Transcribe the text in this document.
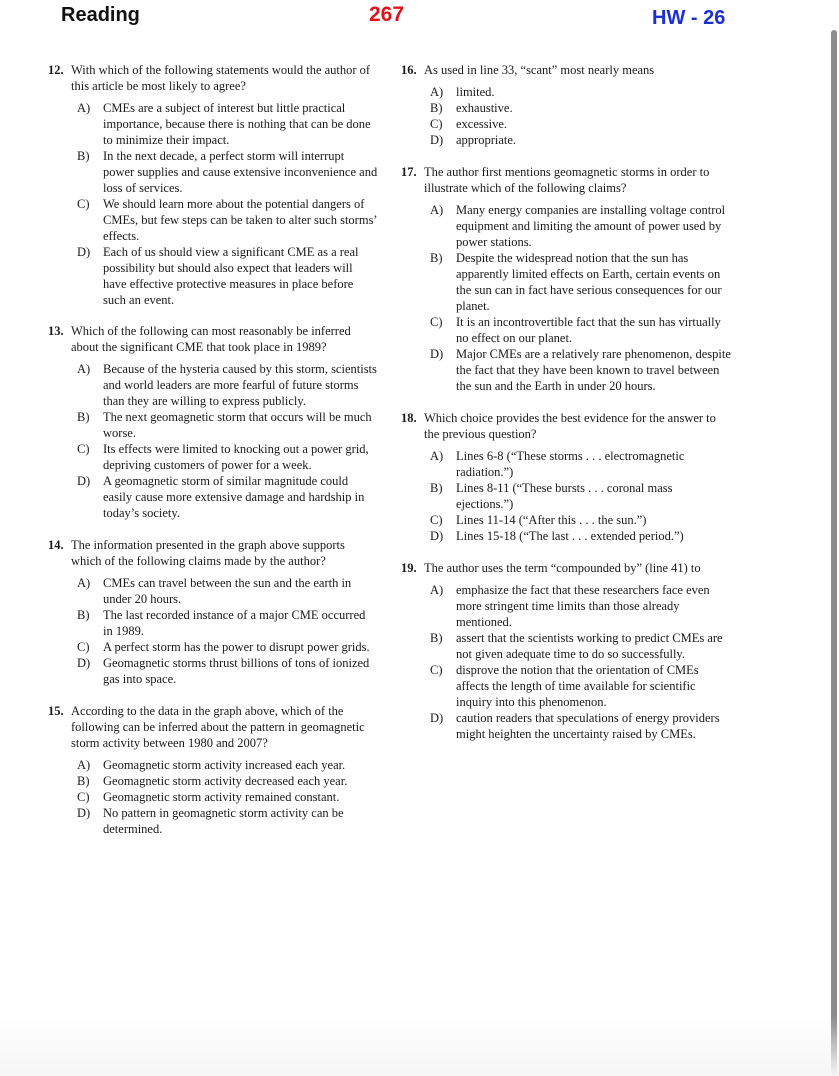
Reading	267	HW - 26
12. With which of the following statements would the author of this article be most likely to agree?
A) CMEs are a subject of interest but little practical importance, because there is nothing that can be done to minimize their impact.
B) In the next decade, a perfect storm will interrupt power supplies and cause extensive inconvenience and loss of services.
C) We should learn more about the potential dangers of CMEs, but few steps can be taken to alter such storms’ effects.
D) Each of us should view a significant CME as a real possibility but should also expect that leaders will have effective protective measures in place before such an event.
13. Which of the following can most reasonably be inferred about the significant CME that took place in 1989?
A) Because of the hysteria caused by this storm, scientists and world leaders are more fearful of future storms than they are willing to express publicly.
B) The next geomagnetic storm that occurs will be much worse.
C) Its effects were limited to knocking out a power grid, depriving customers of power for a week.
D) A geomagnetic storm of similar magnitude could easily cause more extensive damage and hardship in today’s society.
14. The information presented in the graph above supports which of the following claims made by the author?
A) CMEs can travel between the sun and the earth in under 20 hours.
B) The last recorded instance of a major CME occurred in 1989.
C) A perfect storm has the power to disrupt power grids.
D) Geomagnetic storms thrust billions of tons of ionized gas into space.
15. According to the data in the graph above, which of the following can be inferred about the pattern in geomagnetic storm activity between 1980 and 2007?
A) Geomagnetic storm activity increased each year.
B) Geomagnetic storm activity decreased each year.
C) Geomagnetic storm activity remained constant.
D) No pattern in geomagnetic storm activity can be determined.
16. As used in line 33, “scant” most nearly means
A) limited.
B) exhaustive.
C) excessive.
D) appropriate.
17. The author first mentions geomagnetic storms in order to illustrate which of the following claims?
A) Many energy companies are installing voltage control equipment and limiting the amount of power used by power stations.
B) Despite the widespread notion that the sun has apparently limited effects on Earth, certain events on the sun can in fact have serious consequences for our planet.
C) It is an incontrovertible fact that the sun has virtually no effect on our planet.
D) Major CMEs are a relatively rare phenomenon, despite the fact that they have been known to travel between the sun and the Earth in under 20 hours.
18. Which choice provides the best evidence for the answer to the previous question?
A) Lines 6-8 (“These storms . . . electromagnetic radiation.”)
B) Lines 8-11 (“These bursts . . . coronal mass ejections.”)
C) Lines 11-14 (“After this . . . the sun.”)
D) Lines 15-18 (“The last . . . extended period.”)
19. The author uses the term “compounded by” (line 41) to
A) emphasize the fact that these researchers face even more stringent time limits than those already mentioned.
B) assert that the scientists working to predict CMEs are not given adequate time to do so successfully.
C) disprove the notion that the orientation of CMEs affects the length of time available for scientific inquiry into this phenomenon.
D) caution readers that speculations of energy providers might heighten the uncertainty raised by CMEs.
